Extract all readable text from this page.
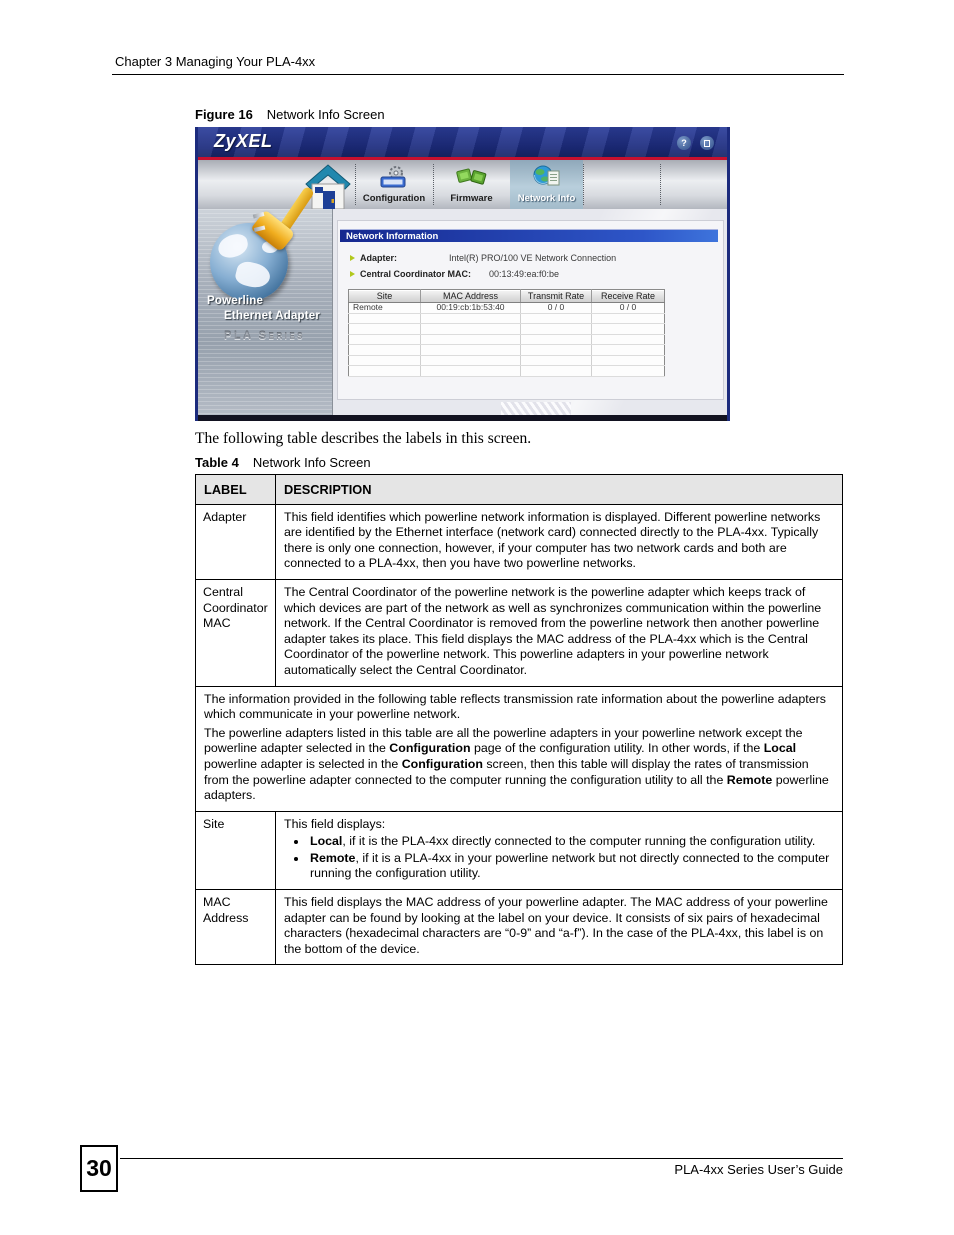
Chapter 3 Managing Your PLA-4xx
Figure 16 Network Info Screen
ZyXEL	?
Configuration	Firmware	Network Info
Powerline
Ethernet Adapter
PLA Series
Network Information
Adapter:	Intel(R) PRO/100 VE Network Connection
Central Coordinator MAC: 00:13:49:ea:f0:be
Site	MAC Address	Transmit Rate	Receive Rate
Remote	00:19:cb:1b:53:40	0 / 0	0 / 0

The following table describes the labels in this screen.
Table 4 Network Info Screen
LABEL	DESCRIPTION
Adapter	This field identifies which powerline network information is displayed. Different powerline networks are identified by the Ethernet interface (network card) connected directly to the PLA-4xx. Typically there is only one connection, however, if your computer has two network cards and both are connected to a PLA-4xx, then you have two powerline networks.

Central Coordinator MAC	The Central Coordinator of the powerline network is the powerline adapter which keeps track of which devices are part of the network as well as synchronizes communication within the powerline network. If the Central Coordinator is removed from the powerline network then another powerline adapter takes its place. This field displays the MAC address of the PLA-4xx which is the Central Coordinator of the powerline network. This powerline adapters in your powerline network automatically select the Central Coordinator.

The information provided in the following table reflects transmission rate information about the powerline adapters which communicate in your powerline network.

The powerline adapters listed in this table are all the powerline adapters in your powerline network except the powerline adapter selected in the Configuration page of the configuration utility. In other words, if the Local powerline adapter is selected in the Configuration screen, then this table will display the rates of transmission from the powerline adapter connected to the computer running the configuration utility to all the Remote powerline adapters.	

Site	This field displays:

• Local, if it is the PLA-4xx directly connected to the computer running the configuration utility.
• Remote, if it is a PLA-4xx in your powerline network but not directly connected to the computer running the configuration utility.

MAC Address	This field displays the MAC address of your powerline adapter. The MAC address of your powerline adapter can be found by looking at the label on your device. It consists of six pairs of hexadecimal characters (hexadecimal characters are “0-9” and “a-f”). In the case of the PLA-4xx, this label is on the bottom of the device.

30	PLA-4xx Series User’s Guide
